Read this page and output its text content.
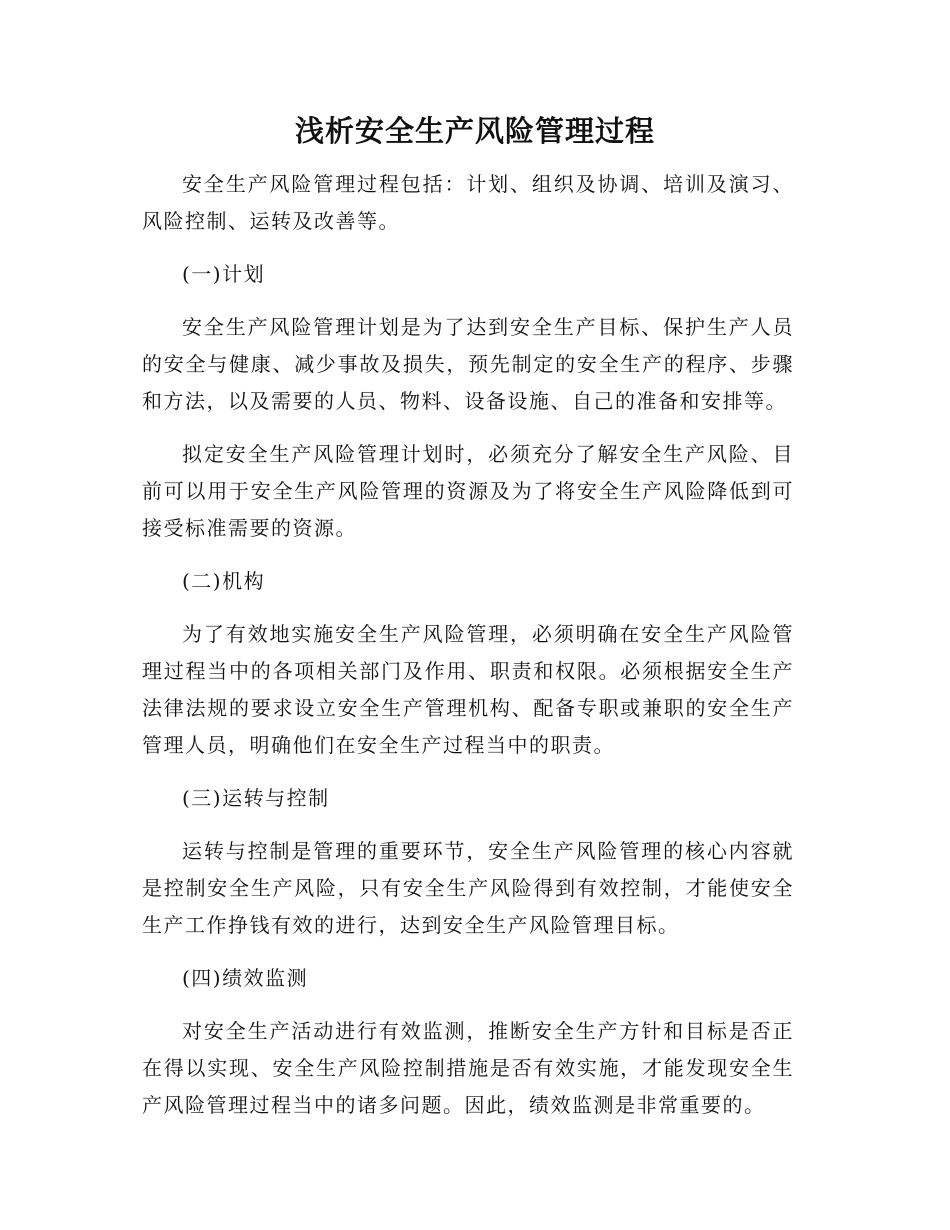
浅析安全生产风险管理过程

安全生产风险管理过程包括：计划、组织及协调、培训及演习、风险控制、运转及改善等。

(一)计划

安全生产风险管理计划是为了达到安全生产目标、保护生产人员的安全与健康、减少事故及损失，预先制定的安全生产的程序、步骤和方法，以及需要的人员、物料、设备设施、自己的准备和安排等。

拟定安全生产风险管理计划时，必须充分了解安全生产风险、目前可以用于安全生产风险管理的资源及为了将安全生产风险降低到可接受标准需要的资源。

(二)机构

为了有效地实施安全生产风险管理，必须明确在安全生产风险管理过程当中的各项相关部门及作用、职责和权限。必须根据安全生产法律法规的要求设立安全生产管理机构、配备专职或兼职的安全生产管理人员，明确他们在安全生产过程当中的职责。

(三)运转与控制

运转与控制是管理的重要环节，安全生产风险管理的核心内容就是控制安全生产风险，只有安全生产风险得到有效控制，才能使安全生产工作挣钱有效的进行，达到安全生产风险管理目标。

(四)绩效监测

对安全生产活动进行有效监测，推断安全生产方针和目标是否正在得以实现、安全生产风险控制措施是否有效实施，才能发现安全生产风险管理过程当中的诸多问题。因此，绩效监测是非常重要的。
